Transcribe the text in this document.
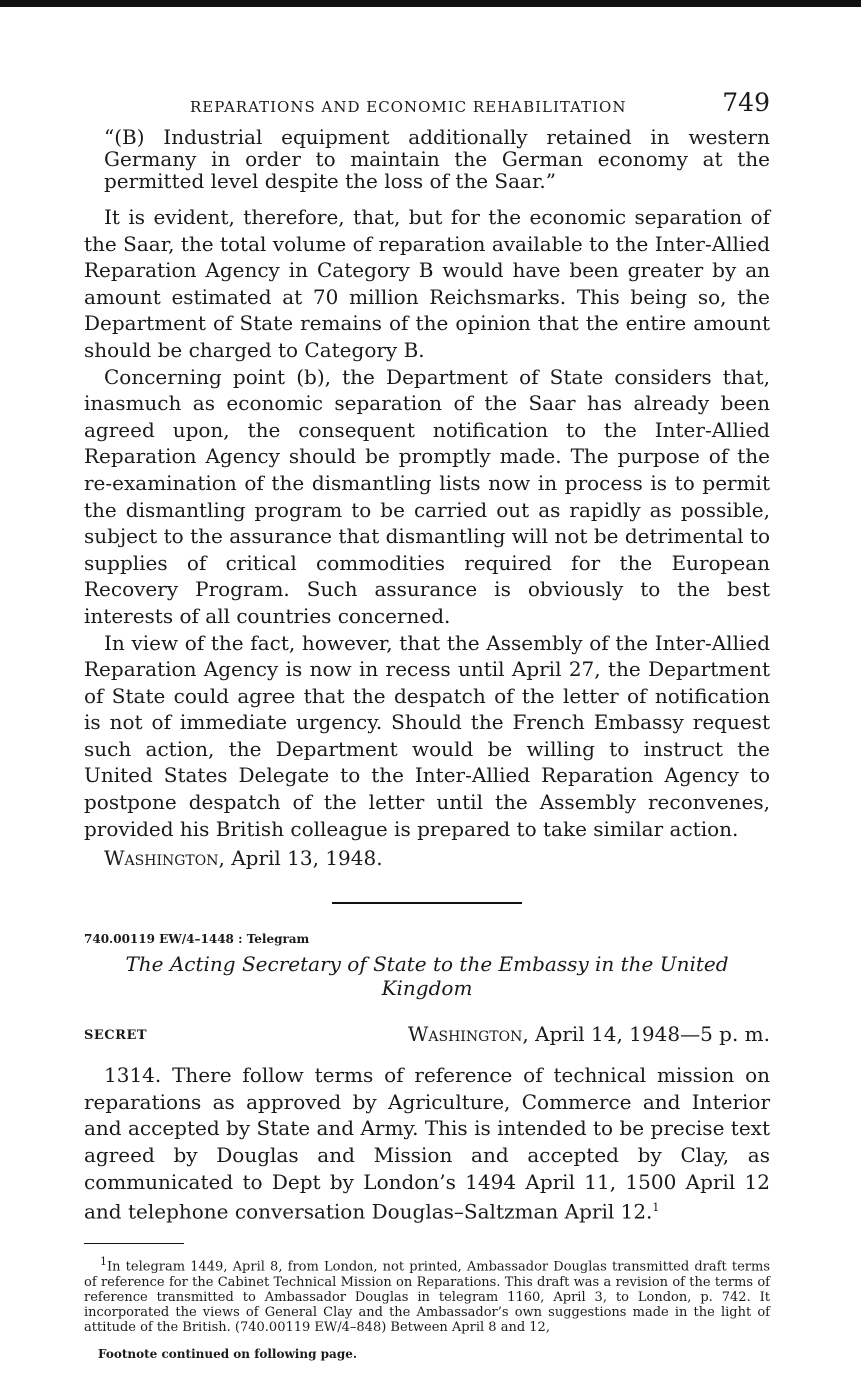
REPARATIONS AND ECONOMIC REHABILITATION	749

“(B) Industrial equipment additionally retained in western Germany in order to maintain the German economy at the permitted level despite the loss of the Saar.”

It is evident, therefore, that, but for the economic separation of the Saar, the total volume of reparation available to the Inter-Allied Reparation Agency in Category B would have been greater by an amount estimated at 70 million Reichsmarks. This being so, the Department of State remains of the opinion that the entire amount should be charged to Category B.

Concerning point (b), the Department of State considers that, inasmuch as economic separation of the Saar has already been agreed upon, the consequent notification to the Inter-Allied Reparation Agency should be promptly made. The purpose of the re-examination of the dismantling lists now in process is to permit the dismantling program to be carried out as rapidly as possible, subject to the assurance that dismantling will not be detrimental to supplies of critical commodities required for the European Recovery Program. Such assurance is obviously to the best interests of all countries concerned.

In view of the fact, however, that the Assembly of the Inter-Allied Reparation Agency is now in recess until April 27, the Department of State could agree that the despatch of the letter of notification is not of immediate urgency. Should the French Embassy request such action, the Department would be willing to instruct the United States Delegate to the Inter-Allied Reparation Agency to postpone despatch of the letter until the Assembly reconvenes, provided his British colleague is prepared to take similar action.

Washington, April 13, 1948.
740.00119 EW/4–1448 : Telegram
The Acting Secretary of State to the Embassy in the United Kingdom
SECRET	Washington, April 14, 1948—5 p. m.

1314. There follow terms of reference of technical mission on reparations as approved by Agriculture, Commerce and Interior and accepted by State and Army. This is intended to be precise text agreed by Douglas and Mission and accepted by Clay, as communicated to Dept by London’s 1494 April 11, 1500 April 12 and telephone conversation Douglas–Saltzman April 12.$^1$

$^1$In telegram 1449, April 8, from London, not printed, Ambassador Douglas transmitted draft terms of reference for the Cabinet Technical Mission on Reparations. This draft was a revision of the terms of reference transmitted to Ambassador Douglas in telegram 1160, April 3, to London, p. 742. It incorporated the views of General Clay and the Ambassador’s own suggestions made in the light of attitude of the British. (740.00119 EW/4–848) Between April 8 and 12,
Footnote continued on following page.
